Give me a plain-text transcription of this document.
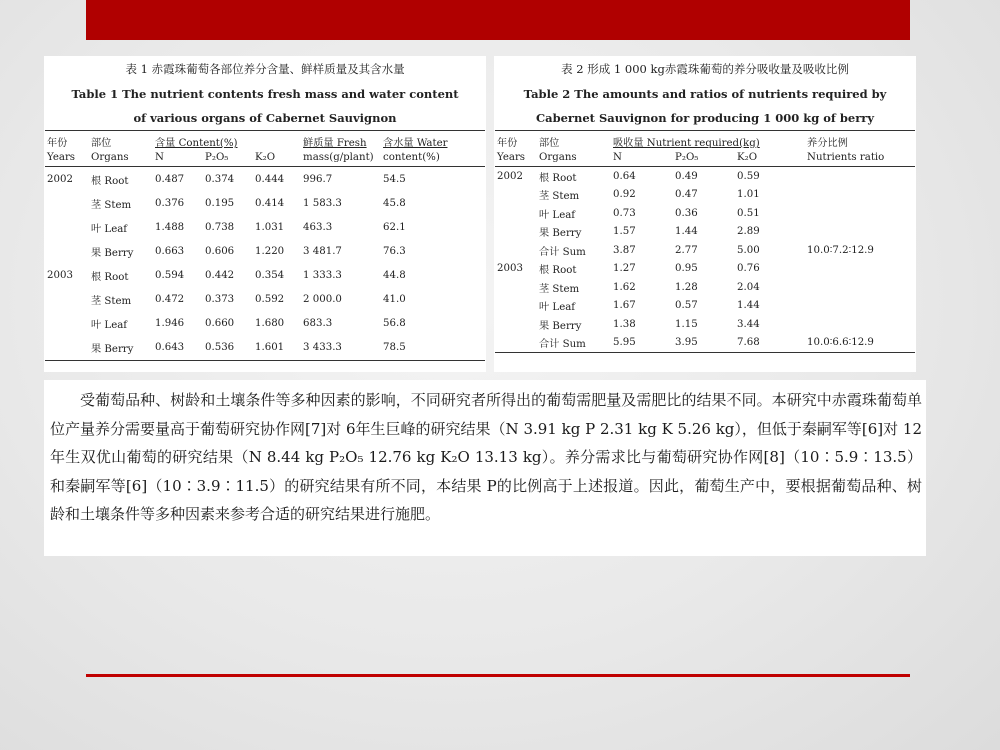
表 1 赤霞珠葡萄各部位养分含量、鲜样质量及其含水量
Table 1 The nutrient contents fresh mass and water content
of various organs of Cabernet Sauvignon
年份	部位	含量 Content(%)			鲜质量 Fresh	含水量 Water
Years	Organs	N	P₂O₅	K₂O	mass(g/plant)	content(%)
2002	根 Root	0.487	0.374	0.444	996.7	54.5
	茎 Stem	0.376	0.195	0.414	1 583.3	45.8
	叶 Leaf	1.488	0.738	1.031	463.3	62.1
	果 Berry	0.663	0.606	1.220	3 481.7	76.3
2003	根 Root	0.594	0.442	0.354	1 333.3	44.8
	茎 Stem	0.472	0.373	0.592	2 000.0	41.0
	叶 Leaf	1.946	0.660	1.680	683.3	56.8
	果 Berry	0.643	0.536	1.601	3 433.3	78.5
表 2 形成 1 000 kg赤霞珠葡萄的养分吸收量及吸收比例
Table 2 The amounts and ratios of nutrients required by
Cabernet Sauvignon for producing 1 000 kg of berry
年份	部位	吸收量 Nutrient required(kg)			养分比例
Years	Organs	N	P₂O₅	K₂O	Nutrients ratio
2002	根 Root	0.64	0.49	0.59	
	茎 Stem	0.92	0.47	1.01	
	叶 Leaf	0.73	0.36	0.51	
	果 Berry	1.57	1.44	2.89	
	合计 Sum	3.87	2.77	5.00	10.0∶7.2∶12.9
2003	根 Root	1.27	0.95	0.76	
	茎 Stem	1.62	1.28	2.04	
	叶 Leaf	1.67	0.57	1.44	
	果 Berry	1.38	1.15	3.44	
	合计 Sum	5.95	3.95	7.68	10.0∶6.6∶12.9
受葡萄品种、树龄和土壤条件等多种因素的影响，不同研究者所得出的葡萄需肥量及需肥比的结果不同。本研究中赤霞珠葡萄单位产量养分需要量高于葡萄研究协作网[7]对 6年生巨峰的研究结果（N 3.91 kg P 2.31 kg K 5.26 kg），但低于秦嗣军等[6]对 12年生双优山葡萄的研究结果（N 8.44 kg P₂O₅ 12.76 kg K₂O 13.13 kg）。养分需求比与葡萄研究协作网[8]（10∶5.9∶13.5）和秦嗣军等[6]（10∶3.9∶11.5）的研究结果有所不同，本结果 P的比例高于上述报道。因此，葡萄生产中，要根据葡萄品种、树龄和土壤条件等多种因素来参考合适的研究结果进行施肥。
